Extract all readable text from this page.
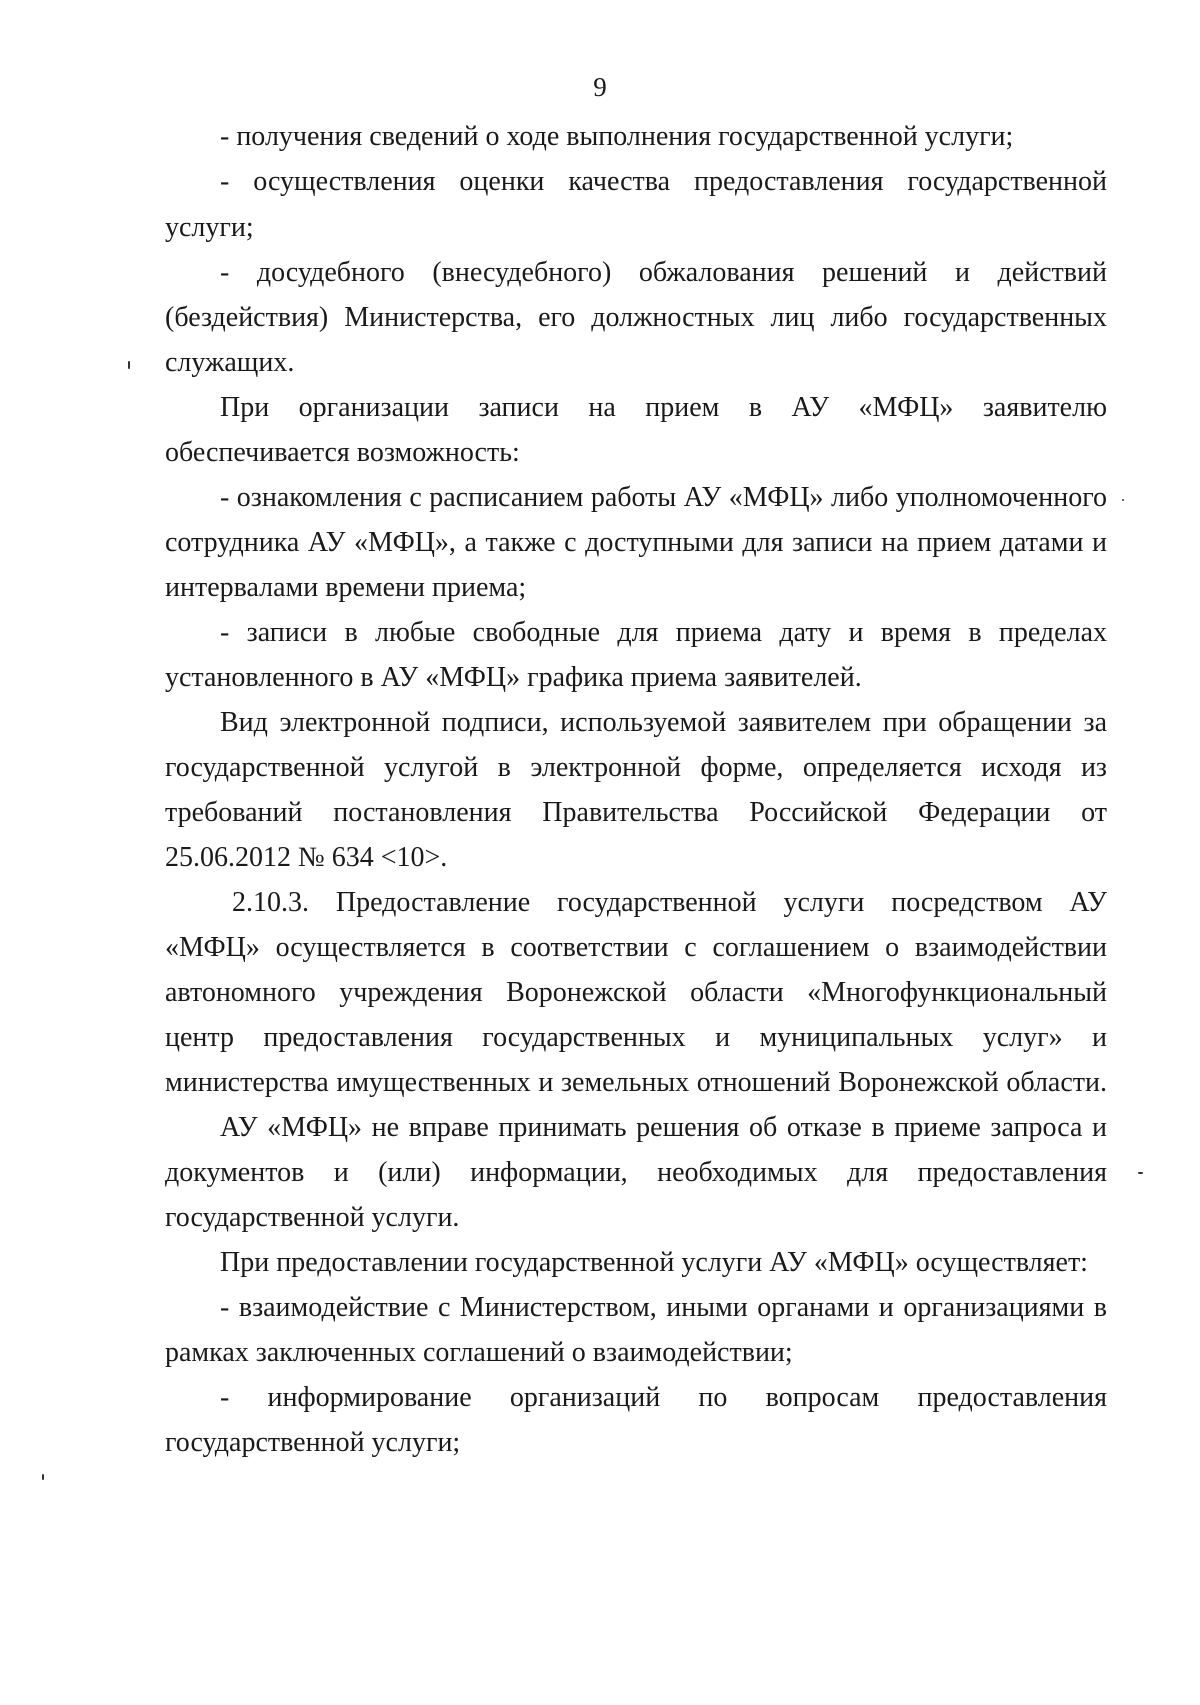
9
- получения сведений о ходе выполнения государственной услуги;
- осуществления оценки качества предоставления государственной
услуги;
- досудебного (внесудебного) обжалования решений и действий
(бездействия) Министерства, его должностных лиц либо государственных
служащих.
При организации записи на прием в АУ «МФЦ» заявителю
обеспечивается возможность:
- ознакомления с расписанием работы АУ «МФЦ» либо уполномоченного
сотрудника АУ «МФЦ», а также с доступными для записи на прием датами и
интервалами времени приема;
- записи в любые свободные для приема дату и время в пределах
установленного в АУ «МФЦ» графика приема заявителей.
Вид электронной подписи, используемой заявителем при обращении за
государственной услугой в электронной форме, определяется исходя из
требований постановления Правительства Российской Федерации от
25.06.2012 № 634 <10>.
2.10.3. Предоставление государственной услуги посредством АУ
«МФЦ» осуществляется в соответствии с соглашением о взаимодействии
автономного учреждения Воронежской области «Многофункциональный
центр предоставления государственных и муниципальных услуг» и
министерства имущественных и земельных отношений Воронежской области.
АУ «МФЦ» не вправе принимать решения об отказе в приеме запроса и
документов и (или) информации, необходимых для предоставления
государственной услуги.
При предоставлении государственной услуги АУ «МФЦ» осуществляет:
- взаимодействие с Министерством, иными органами и организациями в
рамках заключенных соглашений о взаимодействии;
- информирование организаций по вопросам предоставления
государственной услуги;
